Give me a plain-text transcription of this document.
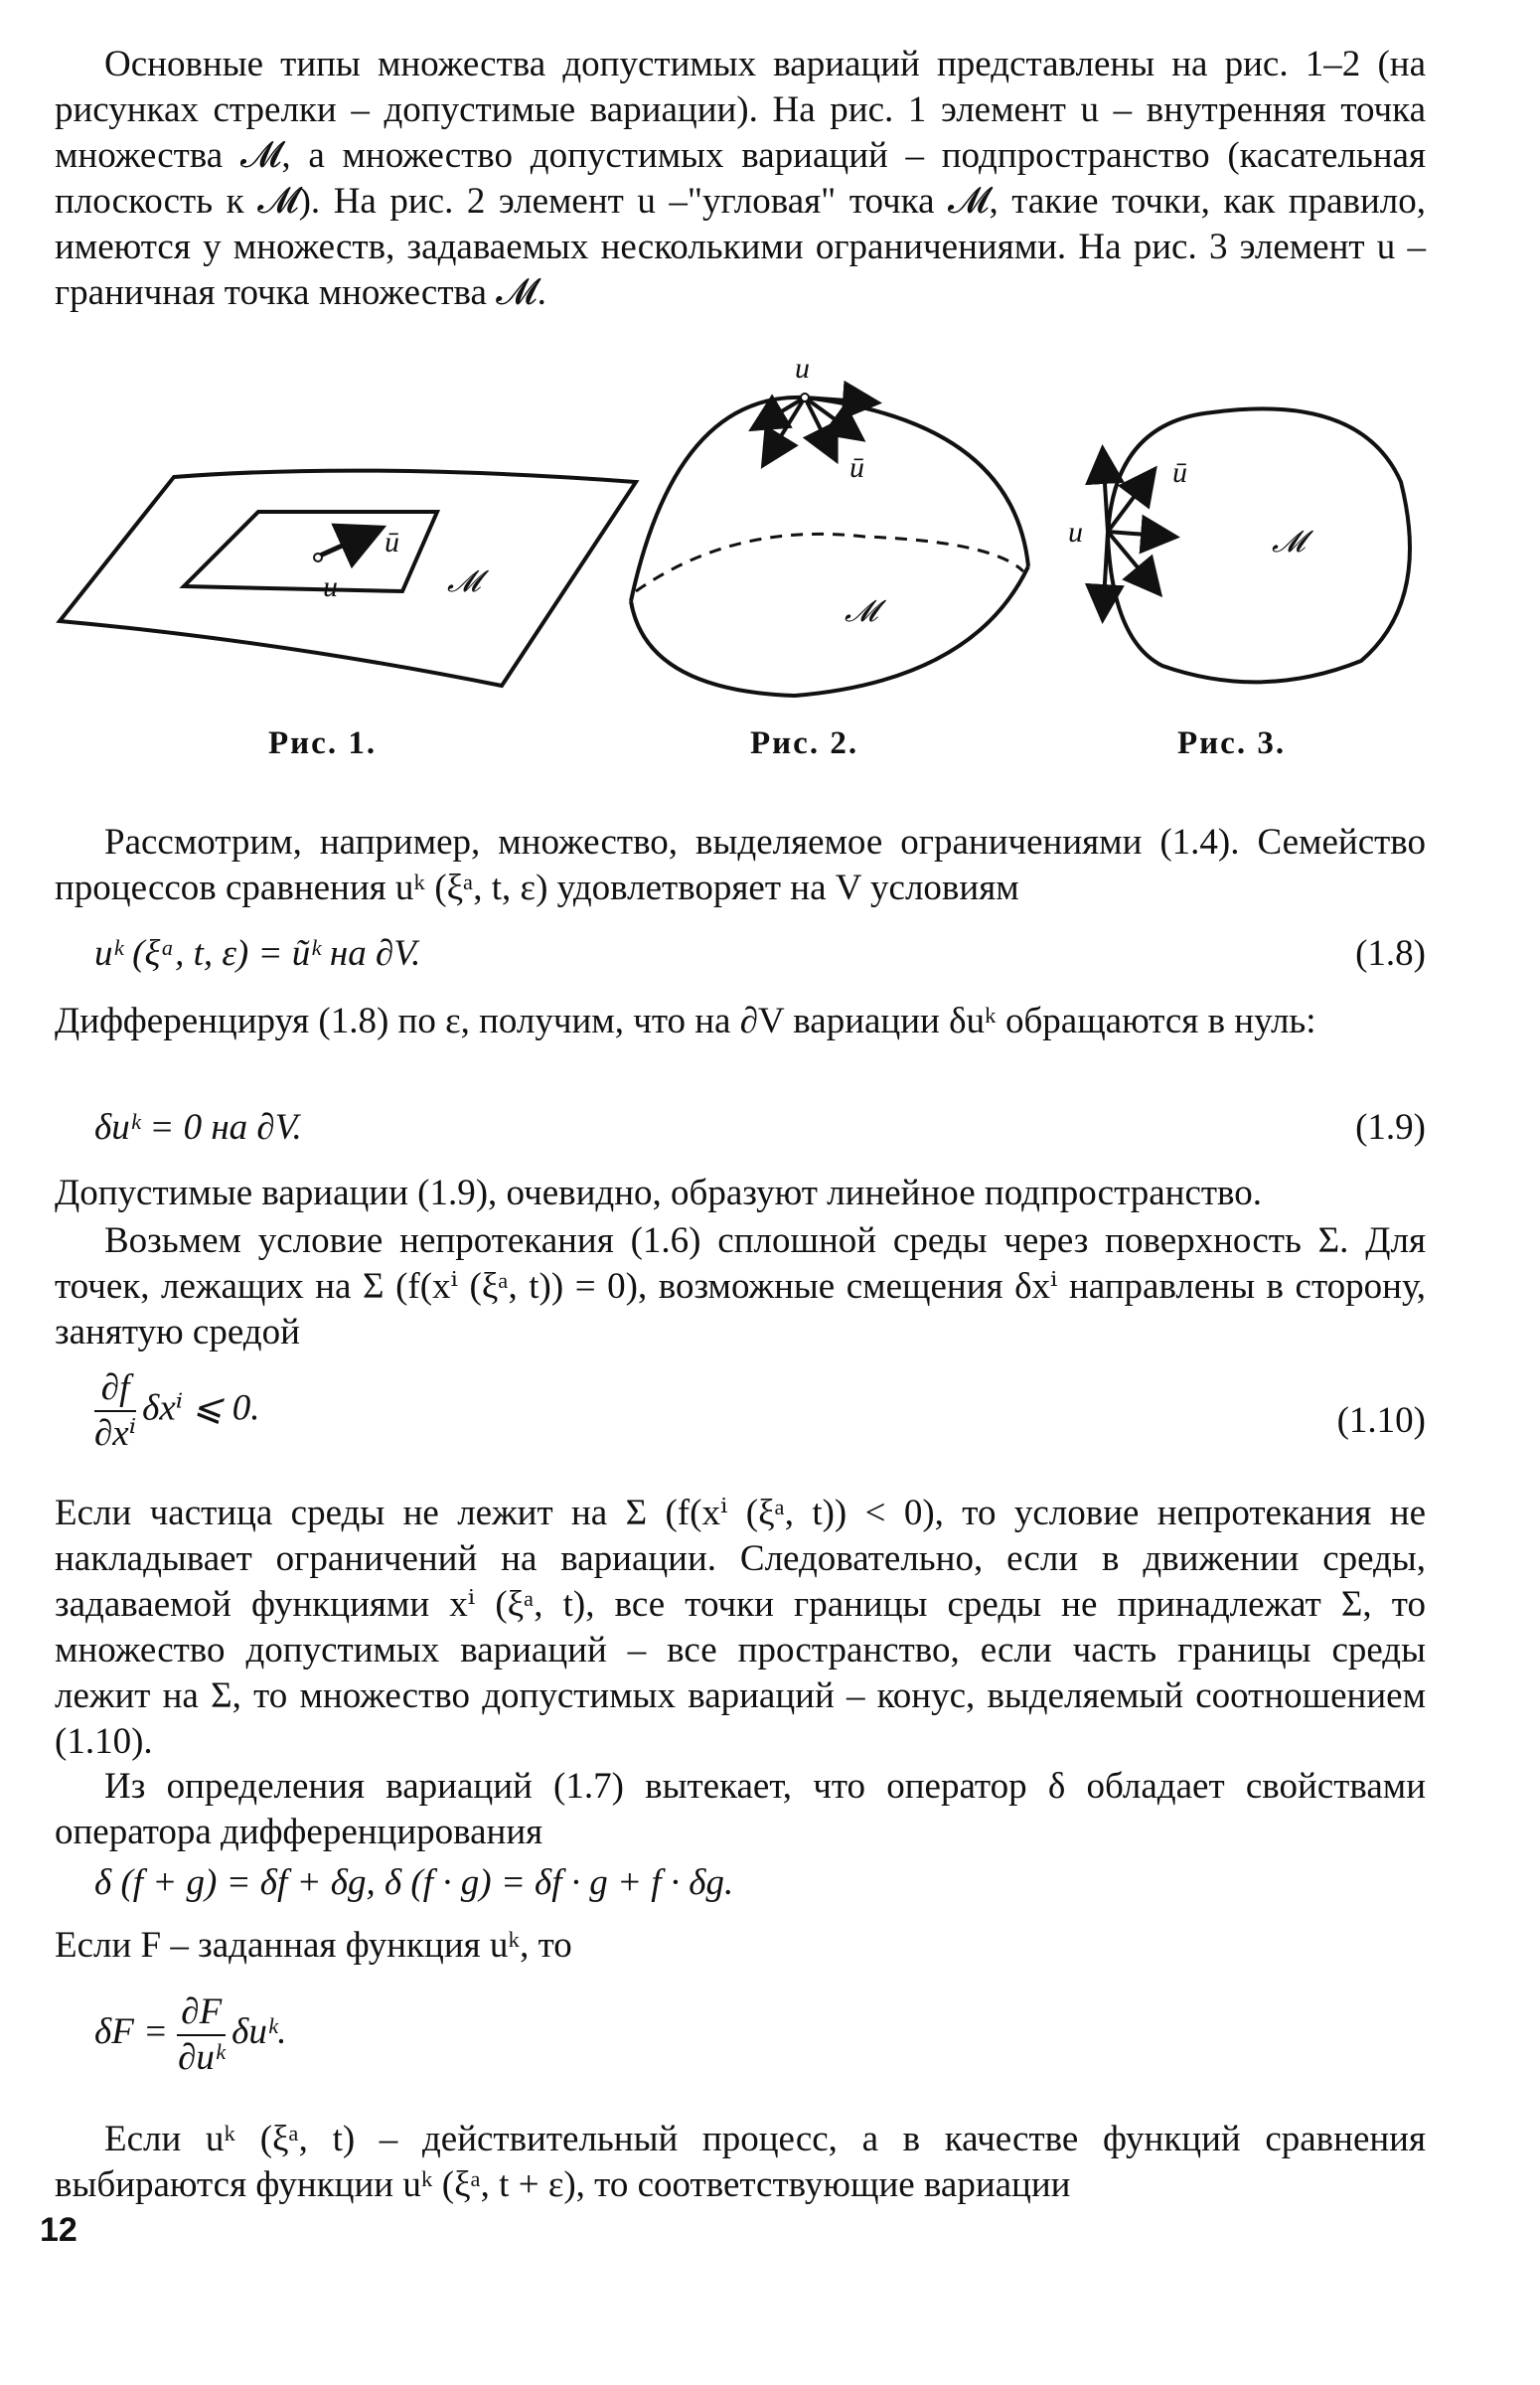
Основные типы множества допустимых вариаций представлены на рис. 1–2 (на рисунках стрелки – допустимые вариации). На рис. 1 элемент u – внутренняя точка множества 𝓜, а множество допустимых вариаций – подпространство (касательная плоскость к 𝓜). На рис. 2 элемент u –"угловая" точка 𝓜, такие точки, как правило, имеются у множеств, задаваемых несколькими ограничениями. На рис. 3 элемент u – граничная точка множества 𝓜.

u
ū
𝓜
u
ū
𝓜
u
ū
𝓜
Рис. 1.	Рис. 2.	Рис. 3.

Рассмотрим, например, множество, выделяемое ограничениями (1.4). Семейство процессов сравнения uᵏ (ξᵃ, t, ε) удовлетворяет на V условиям

uᵏ (ξᵃ, t, ε) = ũᵏ на ∂V.	(1.8)

Дифференцируя (1.8) по ε, получим, что на ∂V вариации δuᵏ обращаются в нуль:

δuᵏ = 0 на ∂V.	(1.9)

Допустимые вариации (1.9), очевидно, образуют линейное подпространство.

Возьмем условие непротекания (1.6) сплошной среды через поверхность Σ. Для точек, лежащих на Σ (f(xⁱ (ξᵃ, t)) = 0), возможные смещения δxⁱ направлены в сторону, занятую средой

$\frac{\partial f}{\text{∂xⁱ}}$ δxⁱ ⩽ 0.	(1.10)

Если частица среды не лежит на Σ (f(xⁱ (ξᵃ, t)) < 0), то условие непротекания не накладывает ограничений на вариации. Следовательно, если в движении среды, задаваемой функциями xⁱ (ξᵃ, t), все точки границы среды не принадлежат Σ, то множество допустимых вариаций – все пространство, если часть границы среды лежит на Σ, то множество допустимых вариаций – конус, выделяемый соотношением (1.10).

Из определения вариаций (1.7) вытекает, что оператор δ обладает свойствами оператора дифференцирования

δ (f + g) = δf + δg, δ (f · g) = δf · g + f · δg.

Если F – заданная функция uᵏ, то

$\delta F = \frac{\partial F}{\text{∂uᵏ}}$ δuᵏ.

Если uᵏ (ξᵃ, t) – действительный процесс, а в качестве функций сравнения выбираются функции uᵏ (ξᵃ, t + ε), то соответствующие вариации

12
